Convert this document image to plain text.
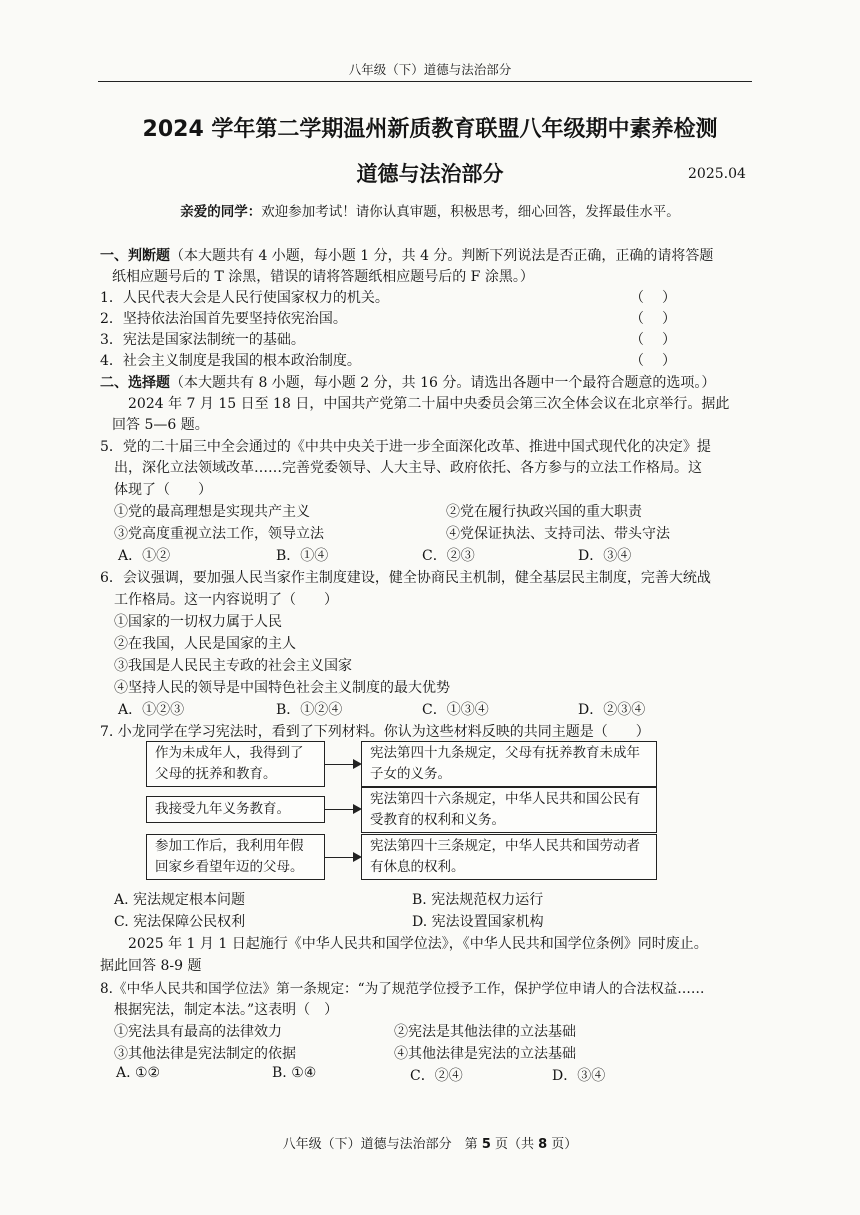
八年级（下）道德与法治部分
2024 学年第二学期温州新质教育联盟八年级期中素养检测
道德与法治部分	2025.04
亲爱的同学：欢迎参加考试！请你认真审题，积极思考，细心回答，发挥最佳水平。
一、判断题（本大题共有 4 小题，每小题 1 分，共 4 分。判断下列说法是否正确，正确的请将答题
纸相应题号后的 T 涂黑，错误的请将答题纸相应题号后的 F 涂黑。）
1．人民代表大会是人民行使国家权力的机关。	（ ）
2．坚持依法治国首先要坚持依宪治国。	（ ）
3．宪法是国家法制统一的基础。	（ ）
4．社会主义制度是我国的根本政治制度。	（ ）
二、选择题（本大题共有 8 小题，每小题 2 分，共 16 分。请选出各题中一个最符合题意的选项。）
2024 年 7 月 15 日至 18 日，中国共产党第二十届中央委员会第三次全体会议在北京举行。据此
回答 5—6 题。
5．党的二十届三中全会通过的《中共中央关于进一步全面深化改革、推进中国式现代化的决定》提
出，深化立法领域改革……完善党委领导、人大主导、政府依托、各方参与的立法工作格局。这
体现了（　　）
①党的最高理想是实现共产主义	②党在履行执政兴国的重大职责
③党高度重视立法工作，领导立法	④党保证执法、支持司法、带头守法
A．①②	B．①④	C．②③	D．③④
6．会议强调，要加强人民当家作主制度建设，健全协商民主机制，健全基层民主制度，完善大统战
工作格局。这一内容说明了（　　）
①国家的一切权力属于人民
②在我国，人民是国家的主人
③我国是人民民主专政的社会主义国家
④坚持人民的领导是中国特色社会主义制度的最大优势
A．①②③	B．①②④	C．①③④	D．②③④
7. 小龙同学在学习宪法时，看到了下列材料。你认为这些材料反映的共同主题是（　　）
作为未成年人，我得到了父母的抚养和教育。
宪法第四十九条规定，父母有抚养教育未成年子女的义务。
我接受九年义务教育。
宪法第四十六条规定，中华人民共和国公民有受教育的权利和义务。
参加工作后，我利用年假回家乡看望年迈的父母。
宪法第四十三条规定，中华人民共和国劳动者有休息的权利。
A. 宪法规定根本问题	B. 宪法规范权力运行
C. 宪法保障公民权利	D. 宪法设置国家机构
2025 年 1 月 1 日起施行《中华人民共和国学位法》，《中华人民共和国学位条例》同时废止。
据此回答 8-9 题
8.《中华人民共和国学位法》第一条规定：“为了规范学位授予工作，保护学位申请人的合法权益……
根据宪法，制定本法。”这表明（　）
①宪法具有最高的法律效力	②宪法是其他法律的立法基础
③其他法律是宪法制定的依据	④其他法律是宪法的立法基础
A. ①②	B. ①④	C．②④	D．③④
八年级（下）道德与法治部分　第 5 页（共 8 页）
